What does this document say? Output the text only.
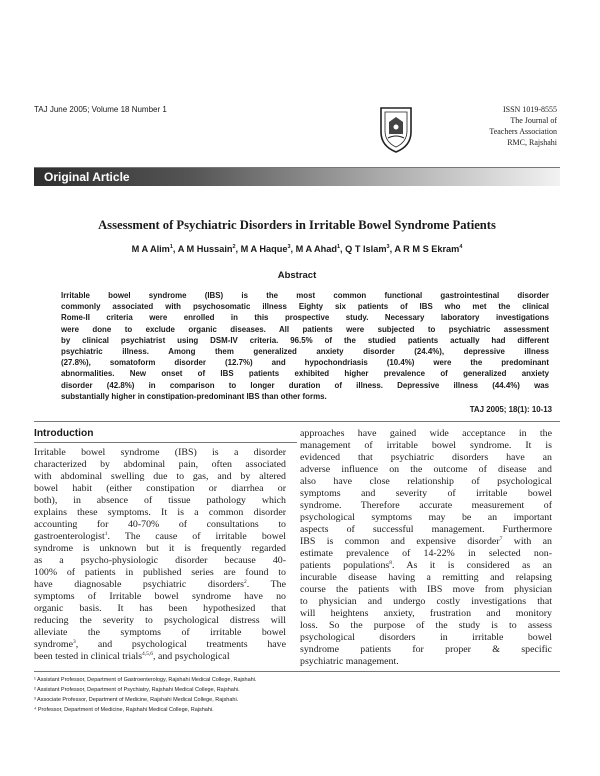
TAJ June 2005; Volume 18 Number 1	ISSN 1019-8555
The Journal of
Teachers Association
RMC, Rajshahi
Original Article
Assessment of Psychiatric Disorders in Irritable Bowel Syndrome Patients
M A Alim$^1$, A M Hussain$^2$, M A Haque$^3$, M A Ahad$^1$, Q T Islam$^3$, A R M S Ekram$^4$
Abstract
Irritable bowel syndrome (IBS) is the most common functional gastrointestinal disorder
commonly associated with psychosomatic illness Eighty six patients of IBS who met the clinical
Rome-II criteria were enrolled in this prospective study. Necessary laboratory investigations
were done to exclude organic diseases. All patients were subjected to psychiatric assessment
by clinical psychiatrist using DSM-IV criteria. 96.5% of the studied patients actually had different
psychiatric illness. Among them generalized anxiety disorder (24.4%), depressive illness
(27.8%), somatoform disorder (12.7%) and hypochondriasis (10.4%) were the predominant
abnormalities. New onset of IBS patients exhibited higher prevalence of generalized anxiety
disorder (42.8%) in comparison to longer duration of illness. Depressive illness (44.4%) was
substantially higher in constipation-predominant IBS than other forms.
TAJ 2005; 18(1): 10-13
Introduction
Irritable bowel syndrome (IBS) is a disorder
characterized by abdominal pain, often associated
with abdominal swelling due to gas, and by altered
bowel habit (either constipation or diarrhea or
both), in absence of tissue pathology which
explains these symptoms. It is a common disorder
accounting for 40-70% of consultations to
gastroenterologist$^1$. The cause of irritable bowel
syndrome is unknown but it is frequently regarded
as a psycho-physiologic disorder because 40-
100% of patients in published series are found to
have diagnosable psychiatric disorders$^2$. The
symptoms of Irritable bowel syndrome have no
organic basis. It has been hypothesized that
reducing the severity to psychological distress will
alleviate the symptoms of irritable bowel
syndrome$^3$, and psychological treatments have
been tested in clinical trials$^{4,5,6}$, and psychological
approaches have gained wide acceptance in the
management of irritable bowel syndrome. It is
evidenced that psychiatric disorders have an
adverse influence on the outcome of disease and
also have close relationship of psychological
symptoms and severity of irritable bowel
syndrome. Therefore accurate measurement of
psychological symptoms may be an important
aspects of successful management. Furthermore
IBS is common and expensive disorder$^7$ with an
estimate prevalence of 14-22% in selected non-
patients populations$^8$. As it is considered as an
incurable disease having a remitting and relapsing
course the patients with IBS move from physician
to physician and undergo costly investigations that
will heightens anxiety, frustration and monitory
loss. So the purpose of the study is to assess
psychological disorders in irritable bowel
syndrome patients for proper & specific
psychiatric management.
¹ Assistant Professor, Department of Gastroenterology, Rajshahi Medical College, Rajshahi.
² Assistant Professor, Department of Psychiatry, Rajshahi Medical College, Rajshahi.
³ Associate Professor, Department of Medicine, Rajshahi Medical College, Rajshahi.
⁴ Professor, Department of Medicine, Rajshahi Medical College, Rajshahi.
